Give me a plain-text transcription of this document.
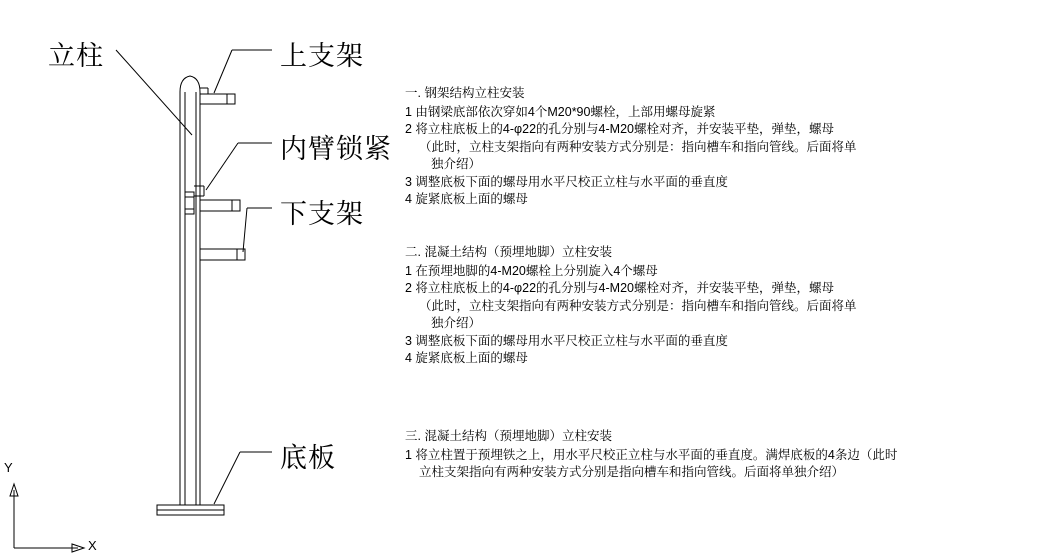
立柱	上支架
内臂锁紧
下支架
底板
Y
X
一. 钢架结构立柱安装
1 由钢梁底部依次穿如4个M20*90螺栓，上部用螺母旋紧
2 将立柱底板上的4-φ22的孔分别与4-M20螺栓对齐，并安装平垫，弹垫，螺母
（此时，立柱支架指向有两种安装方式分别是：指向槽车和指向管线。后面将单
独介绍）
3 调整底板下面的螺母用水平尺校正立柱与水平面的垂直度
4 旋紧底板上面的螺母
二. 混凝土结构（预埋地脚）立柱安装
1 在预埋地脚的4-M20螺栓上分别旋入4个螺母
2 将立柱底板上的4-φ22的孔分别与4-M20螺栓对齐，并安装平垫，弹垫，螺母
（此时，立柱支架指向有两种安装方式分别是：指向槽车和指向管线。后面将单
独介绍）
3 调整底板下面的螺母用水平尺校正立柱与水平面的垂直度
4 旋紧底板上面的螺母
三. 混凝土结构（预埋地脚）立柱安装
1 将立柱置于预埋铁之上，用水平尺校正立柱与水平面的垂直度。满焊底板的4条边（此时
立柱支架指向有两种安装方式分别是指向槽车和指向管线。后面将单独介绍）
